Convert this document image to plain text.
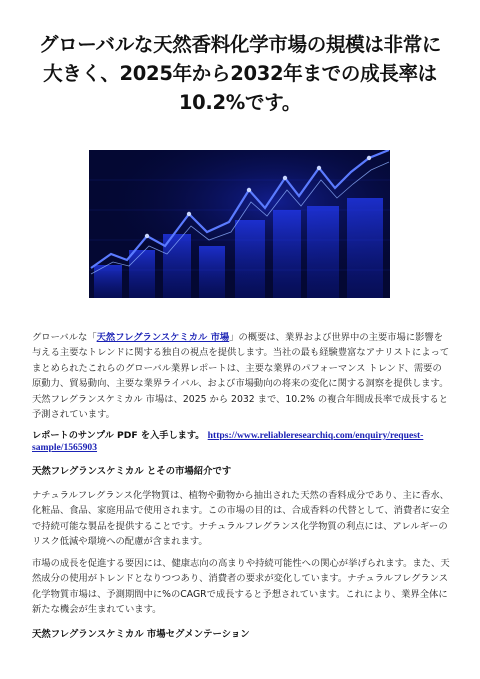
グローバルな天然香料化学市場の規模は非常に
大きく、2025年から2032年までの成長率は
10.2%です。
グローバルな「天然フレグランスケミカル 市場」の概要は、業界および世界中の主要市場に影響を与える主要なトレンドに関する独自の視点を提供します。当社の最も経験豊富なアナリストによってまとめられたこれらのグローバル業界レポートは、主要な業界のパフォーマンス トレンド、需要の原動力、貿易動向、主要な業界ライバル、および市場動向の将来の変化に関する洞察を提供します。天然フレグランスケミカル 市場は、2025 から 2032 まで、10.2% の複合年間成長率で成長すると予測されています。
レポートのサンプル PDF を入手します。 https://www.reliableresearchiq.com/enquiry/request-sample/1565903
天然フレグランスケミカル とその市場紹介です
ナチュラルフレグランス化学物質は、植物や動物から抽出された天然の香料成分であり、主に香水、化粧品、食品、家庭用品で使用されます。この市場の目的は、合成香料の代替として、消費者に安全で持続可能な製品を提供することです。ナチュラルフレグランス化学物質の利点には、アレルギーのリスク低減や環境への配慮が含まれます。
市場の成長を促進する要因には、健康志向の高まりや持続可能性への関心が挙げられます。また、天然成分の使用がトレンドとなりつつあり、消費者の要求が変化しています。ナチュラルフレグランス化学物質市場は、予測期間中に%のCAGRで成長すると予想されています。これにより、業界全体に新たな機会が生まれています。
天然フレグランスケミカル 市場セグメンテーション
